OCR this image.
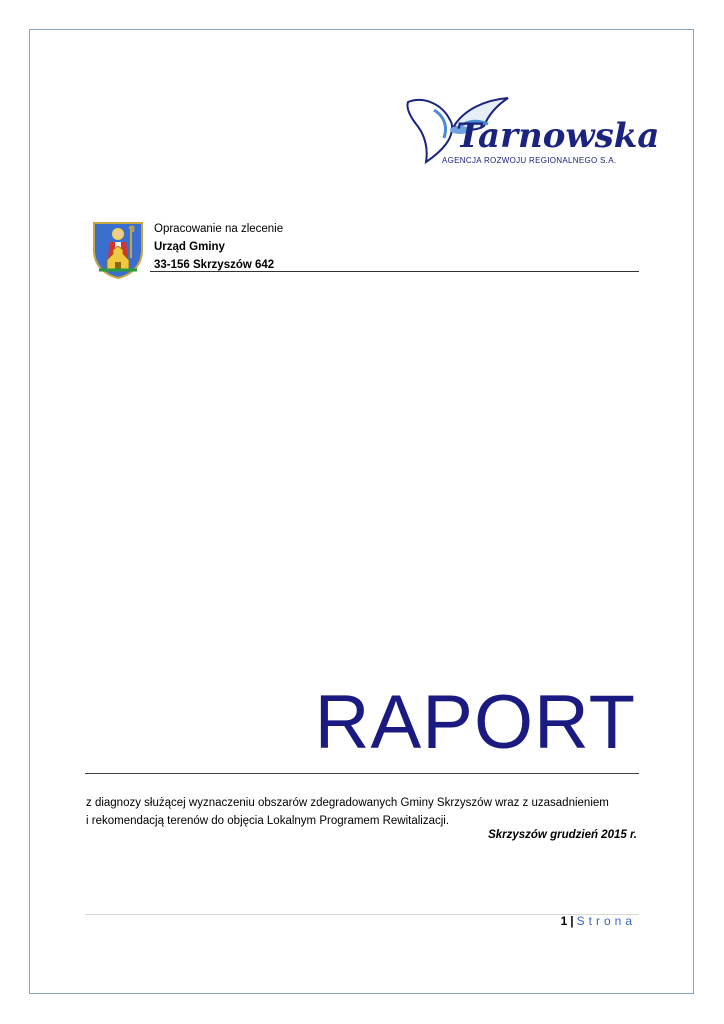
Tarnowska
AGENCJA ROZWOJU REGIONALNEGO S.A.
Opracowanie na zlecenie
Urząd Gminy
33-156 Skrzyszów 642
RAPORT

z diagnozy służącej wyznaczeniu obszarów zdegradowanych Gminy Skrzyszów wraz z uzasadnieniem

i rekomendacją terenów do objęcia Lokalnym Programem Rewitalizacji.

Skrzyszów grudzień 2015 r.
1 | Strona
